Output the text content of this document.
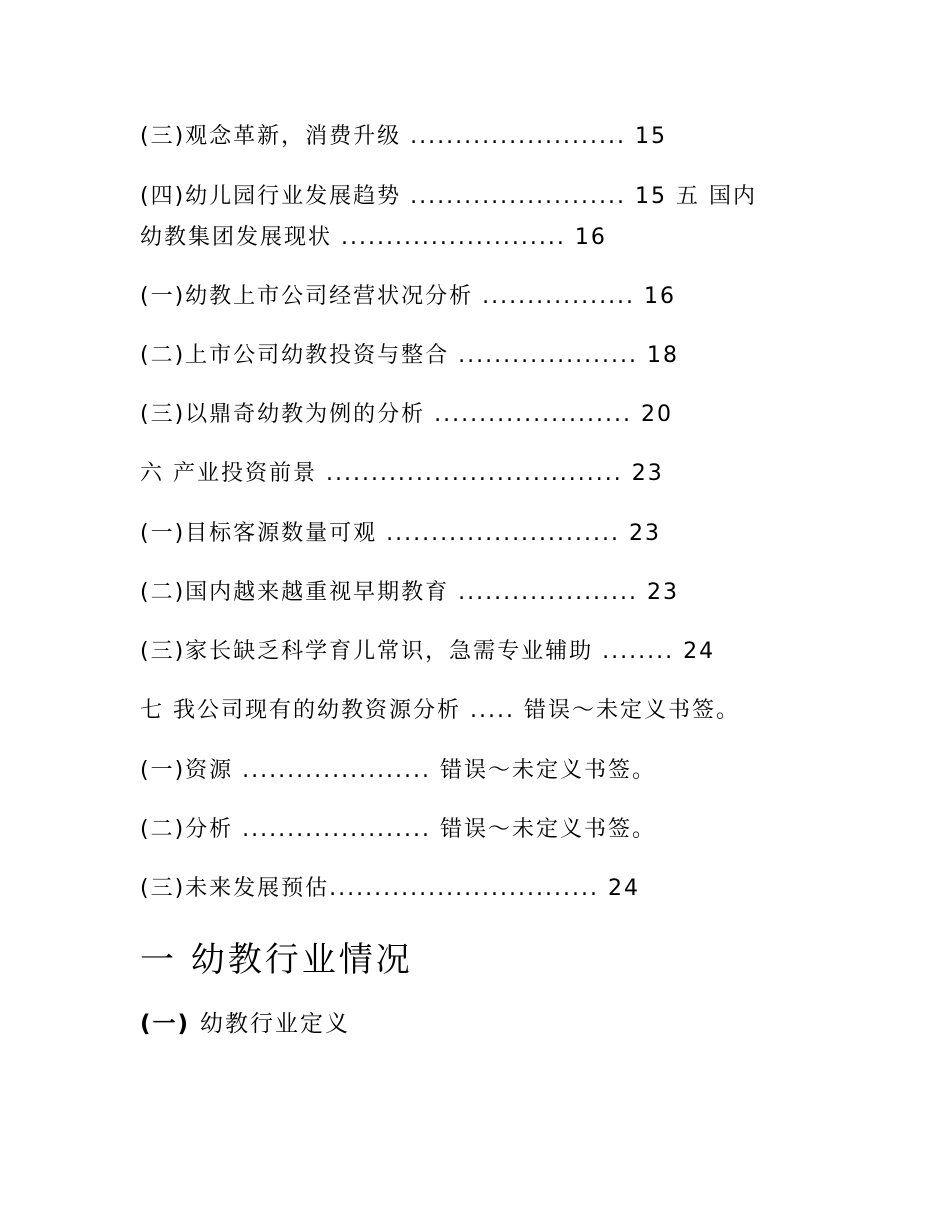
(三)观念革新，消费升级 ........................ 15
(四)幼儿园行业发展趋势 ........................ 15 五 国内
幼教集团发展现状 ......................... 16
(一)幼教上市公司经营状况分析 ................. 16
(二)上市公司幼教投资与整合 .................... 18
(三)以鼎奇幼教为例的分析 ...................... 20
六 产业投资前景 ................................. 23
(一)目标客源数量可观 .......................... 23
(二)国内越来越重视早期教育 .................... 23
(三)家长缺乏科学育儿常识，急需专业辅助 ........ 24
七 我公司现有的幼教资源分析 ..... 错误～未定义书签。
(一)资源 ..................... 错误～未定义书签。
(二)分析 ..................... 错误～未定义书签。
(三)未来发展预估.............................. 24
一 幼教行业情况
(一) 幼教行业定义
